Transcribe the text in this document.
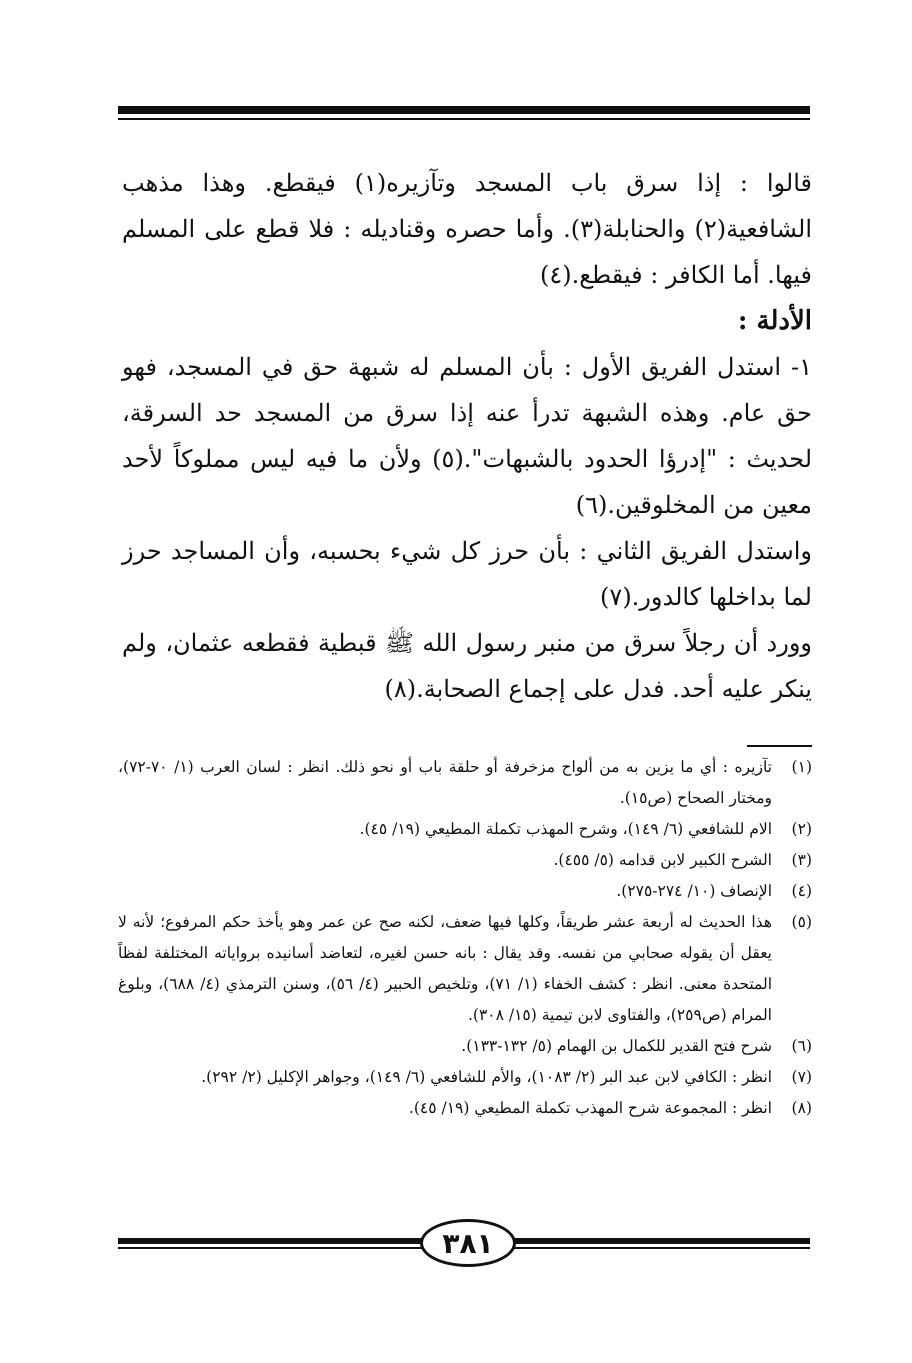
قالوا : إذا سرق باب المسجد وتآزيره(١) فيقطع. وهذا مذهب الشافعية(٢) والحنابلة(٣). وأما حصره وقناديله : فلا قطع على المسلم فيها. أما الكافر : فيقطع.(٤)

الأدلة :

١- استدل الفريق الأول : بأن المسلم له شبهة حق في المسجد، فهو حق عام. وهذه الشبهة تدرأ عنه إذا سرق من المسجد حد السرقة، لحديث : "إدرؤا الحدود بالشبهات".(٥) ولأن ما فيه ليس مملوكاً لأحد معين من المخلوقين.(٦)

واستدل الفريق الثاني : بأن حرز كل شيء بحسبه، وأن المساجد حرز لما بداخلها كالدور.(٧)

وورد أن رجلاً سرق من منبر رسول الله ﷺ قبطية فقطعه عثمان، ولم ينكر عليه أحد. فدل على إجماع الصحابة.(٨)

(١)
تآزيره : أي ما يزين به من ألواح مزخرفة أو حلقة باب أو نحو ذلك. انظر : لسان العرب (١/ ٧٠-٧٢)، ومختار الصحاح (ص١٥).
(٢)
الام للشافعي (٦/ ١٤٩)، وشرح المهذب تكملة المطيعي (١٩/ ٤٥).
(٣)
الشرح الكبير لابن قدامه (٥/ ٤٥٥).
(٤)
الإنصاف (١٠/ ٢٧٤-٢٧٥).
(٥)
هذا الحديث له أربعة عشر طريقاً، وكلها فيها ضعف، لكنه صح عن عمر وهو يأخذ حكم المرفوع؛ لأنه لا يعقل أن يقوله صحابي من نفسه. وقد يقال : بانه حسن لغيره، لتعاضد أسانيده برواياته المختلفة لفظاً المتحدة معنى. انظر : كشف الخفاء (١/ ٧١)، وتلخيص الحبير (٤/ ٥٦)، وسنن الترمذي (٤/ ٦٨٨)، وبلوغ المرام (ص٢٥٩)، والفتاوى لابن تيمية (١٥/ ٣٠٨).
(٦)
شرح فتح القدير للكمال بن الهمام (٥/ ١٣٢-١٣٣).
(٧)
انظر : الكافي لابن عبد البر (٢/ ١٠٨٣)، والأم للشافعي (٦/ ١٤٩)، وجواهر الإكليل (٢/ ٢٩٢).
(٨)
انظر : المجموعة شرح المهذب تكملة المطيعي (١٩/ ٤٥).
٣٨١
